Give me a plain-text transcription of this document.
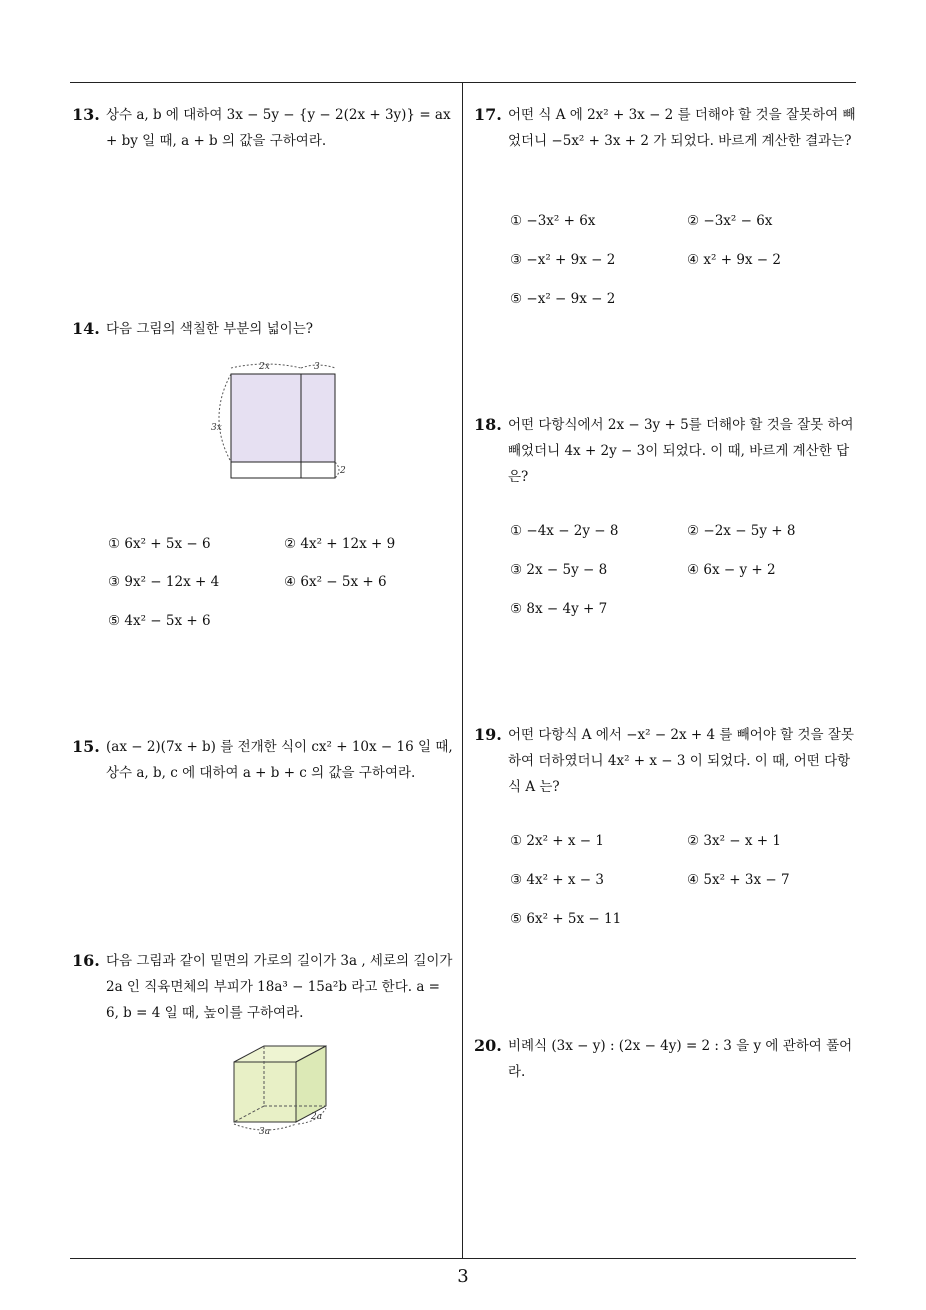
13. 상수 a, b 에 대하여 3x − 5y − {y − 2(2x + 3y)} = ax + by 일 때, a + b 의 값을 구하여라.
14. 다음 그림의 색칠한 부분의 넓이는?
2x	3
3x
2
① 6x² + 5x − 6	② 4x² + 12x + 9
③ 9x² − 12x + 4	④ 6x² − 5x + 6
⑤ 4x² − 5x + 6
15. (ax − 2)(7x + b) 를 전개한 식이 cx² + 10x − 16 일 때, 상수 a, b, c 에 대하여 a + b + c 의 값을 구하여라.
16. 다음 그림과 같이 밑면의 가로의 길이가 3a , 세로의 길이가 2a 인 직육면체의 부피가 18a³ − 15a²b 라고 한다. a = 6, b = 4 일 때, 높이를 구하여라.
3a
2a
17. 어떤 식 A 에 2x² + 3x − 2 를 더해야 할 것을 잘못하여 빼었더니 −5x² + 3x + 2 가 되었다. 바르게 계산한 결과는?
① −3x² + 6x	② −3x² − 6x
③ −x² + 9x − 2	④ x² + 9x − 2
⑤ −x² − 9x − 2
18. 어떤 다항식에서 2x − 3y + 5를 더해야 할 것을 잘못 하여 빼었더니 4x + 2y − 3이 되었다. 이 때, 바르게 계산한 답은?
① −4x − 2y − 8	② −2x − 5y + 8
③ 2x − 5y − 8	④ 6x − y + 2
⑤ 8x − 4y + 7
19. 어떤 다항식 A 에서 −x² − 2x + 4 를 빼어야 할 것을 잘못하여 더하였더니 4x² + x − 3 이 되었다. 이 때, 어떤 다항식 A 는?
① 2x² + x − 1	② 3x² − x + 1
③ 4x² + x − 3	④ 5x² + 3x − 7
⑤ 6x² + 5x − 11
20. 비례식 (3x − y) : (2x − 4y) = 2 : 3 을 y 에 관하여 풀어라.
3
